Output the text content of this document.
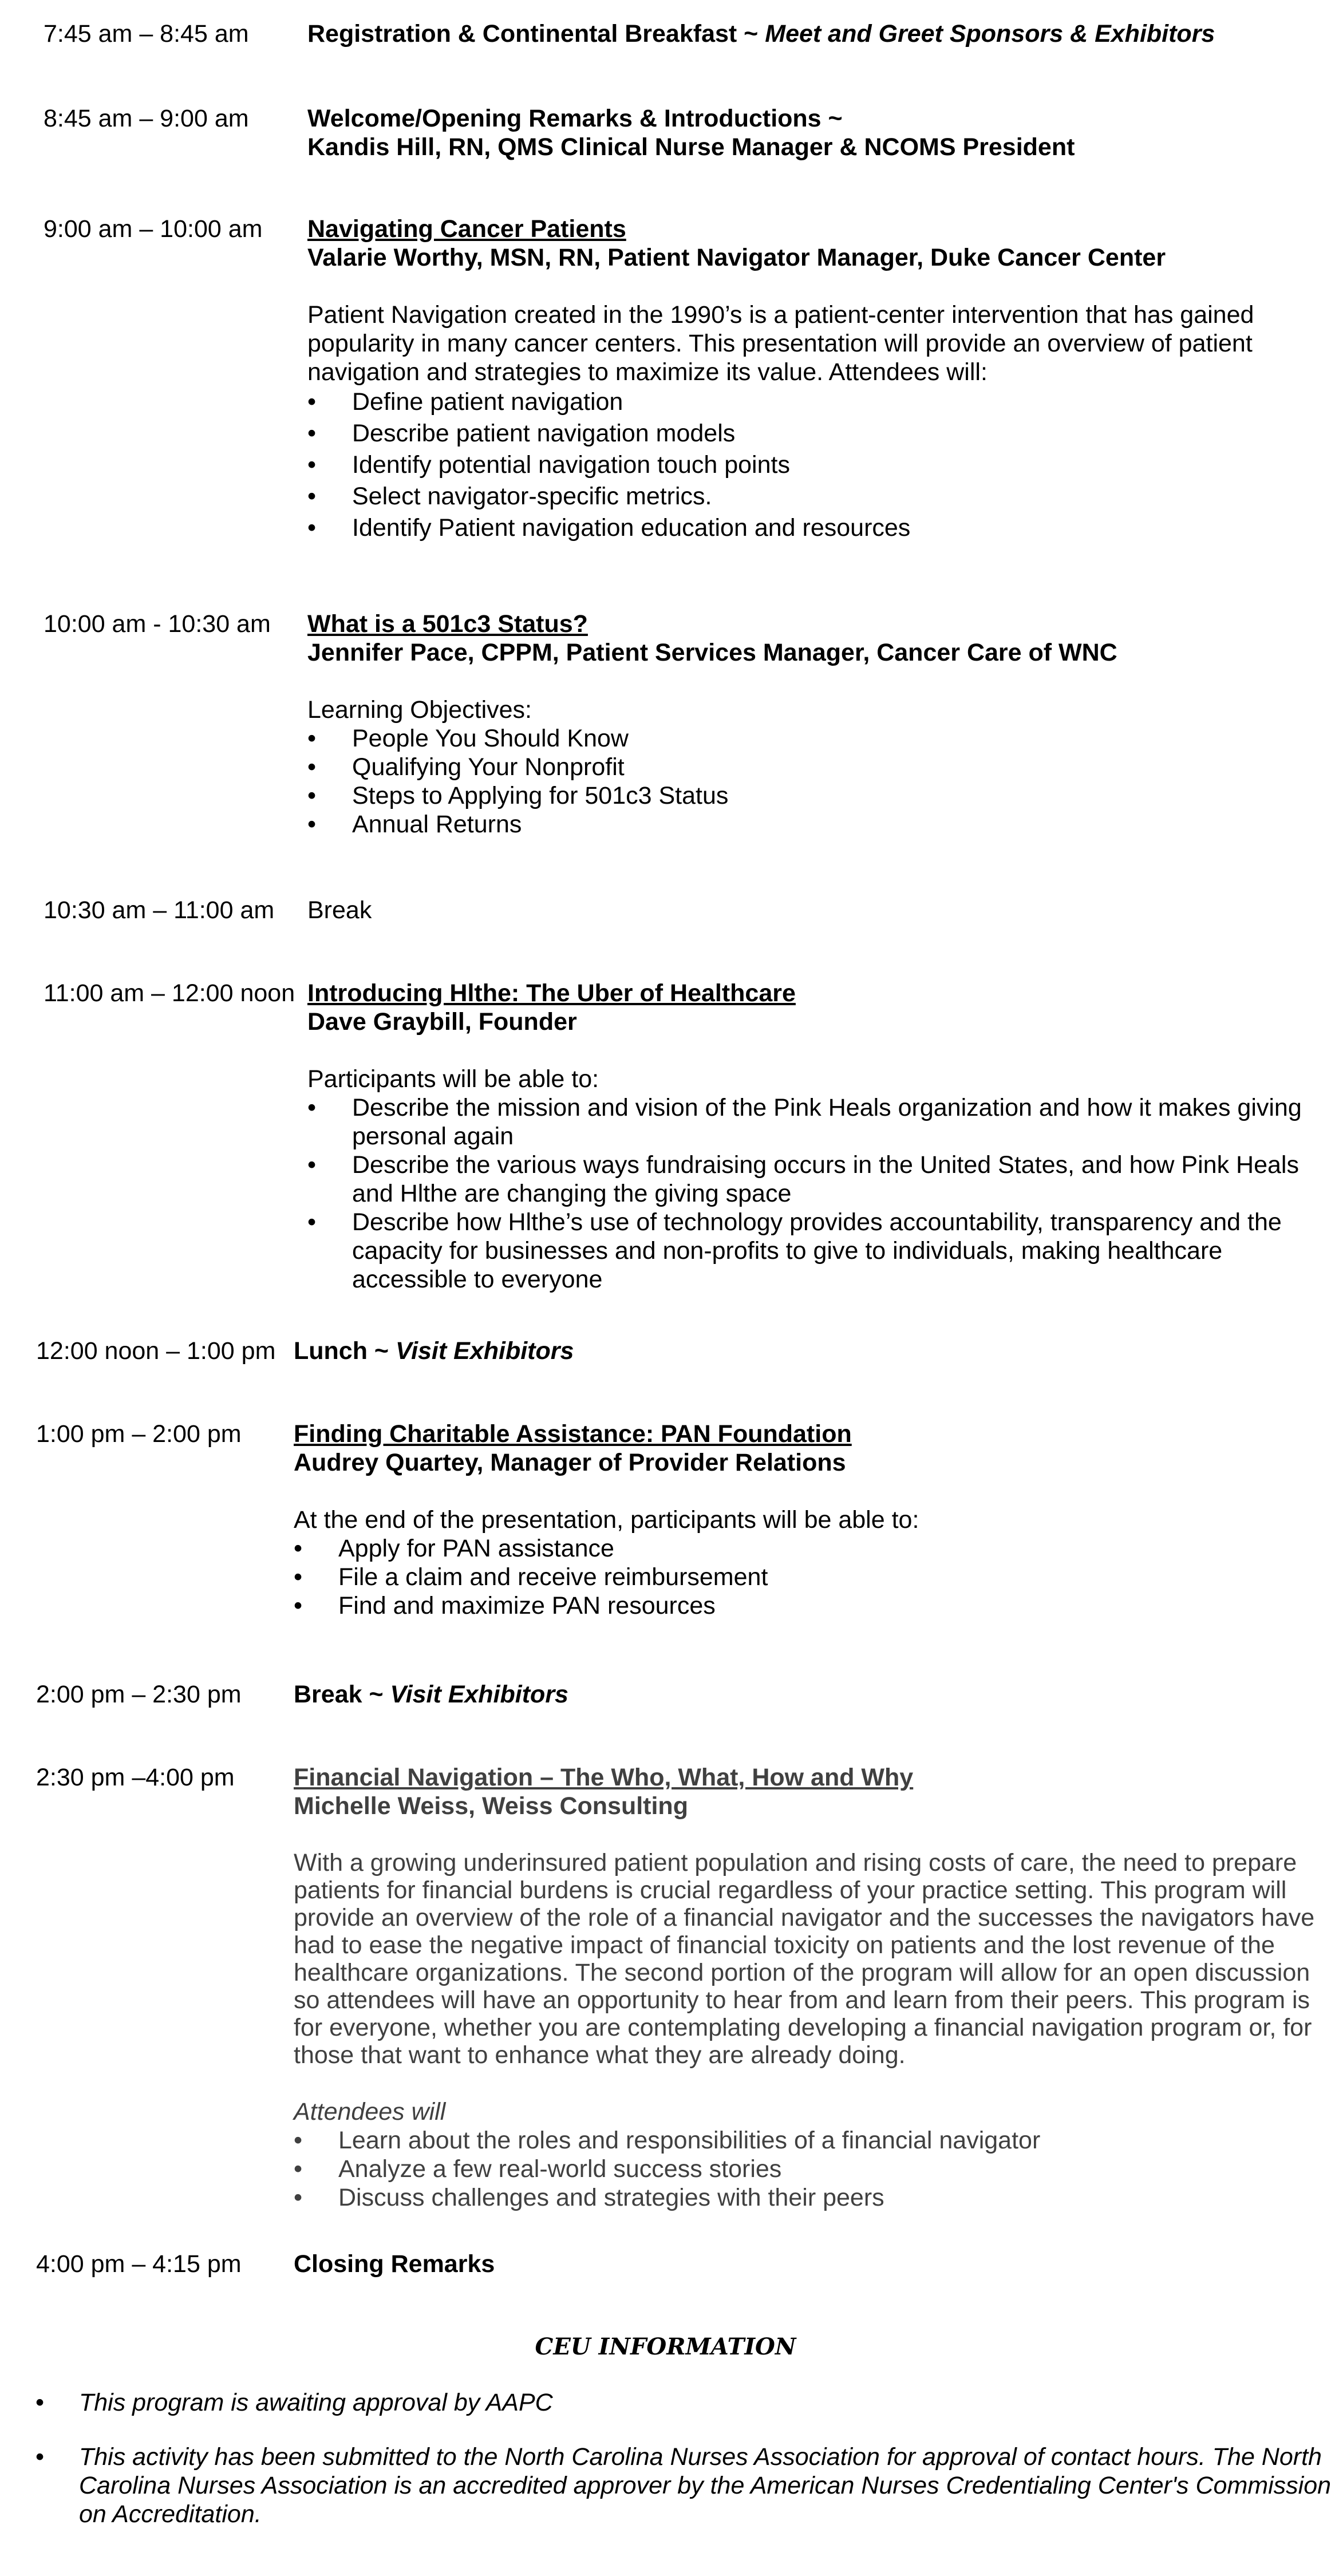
7:45 am – 8:45 am Registration & Continental Breakfast ~ Meet and Greet Sponsors & Exhibitors
8:45 am – 9:00 am Welcome/Opening Remarks & Introductions ~
Kandis Hill, RN, QMS Clinical Nurse Manager & NCOMS President
9:00 am – 10:00 am Navigating Cancer Patients
Valarie Worthy, MSN, RN, Patient Navigator Manager, Duke Cancer Center
Patient Navigation created in the 1990’s is a patient-center intervention that has gained
popularity in many cancer centers. This presentation will provide an overview of patient
navigation and strategies to maximize its value. Attendees will:
• Define patient navigation
• Describe patient navigation models
• Identify potential navigation touch points
• Select navigator-specific metrics.
• Identify Patient navigation education and resources
10:00 am - 10:30 am What is a 501c3 Status?
Jennifer Pace, CPPM, Patient Services Manager, Cancer Care of WNC
Learning Objectives:
• People You Should Know
• Qualifying Your Nonprofit
• Steps to Applying for 501c3 Status
• Annual Returns
10:30 am – 11:00 am Break
11:00 am – 12:00 noon Introducing Hlthe: The Uber of Healthcare
Dave Graybill, Founder
Participants will be able to:
• Describe the mission and vision of the Pink Heals organization and how it makes giving
personal again
• Describe the various ways fundraising occurs in the United States, and how Pink Heals
and Hlthe are changing the giving space
• Describe how Hlthe’s use of technology provides accountability, transparency and the
capacity for businesses and non-profits to give to individuals, making healthcare
accessible to everyone
12:00 noon – 1:00 pm Lunch ~ Visit Exhibitors
1:00 pm – 2:00 pm Finding Charitable Assistance: PAN Foundation
Audrey Quartey, Manager of Provider Relations
At the end of the presentation, participants will be able to:
• Apply for PAN assistance
• File a claim and receive reimbursement
• Find and maximize PAN resources
2:00 pm – 2:30 pm Break ~ Visit Exhibitors
2:30 pm –4:00 pm Financial Navigation – The Who, What, How and Why
Michelle Weiss, Weiss Consulting
With a growing underinsured patient population and rising costs of care, the need to prepare
patients for financial burdens is crucial regardless of your practice setting. This program will
provide an overview of the role of a financial navigator and the successes the navigators have
had to ease the negative impact of financial toxicity on patients and the lost revenue of the
healthcare organizations. The second portion of the program will allow for an open discussion
so attendees will have an opportunity to hear from and learn from their peers. This program is
for everyone, whether you are contemplating developing a financial navigation program or, for
those that want to enhance what they are already doing.
Attendees will
• Learn about the roles and responsibilities of a financial navigator
• Analyze a few real-world success stories
• Discuss challenges and strategies with their peers
4:00 pm – 4:15 pm Closing Remarks
CEU INFORMATION
• This program is awaiting approval by AAPC
• This activity has been submitted to the North Carolina Nurses Association for approval of contact hours. The North
Carolina Nurses Association is an accredited approver by the American Nurses Credentialing Center's Commission
on Accreditation.
